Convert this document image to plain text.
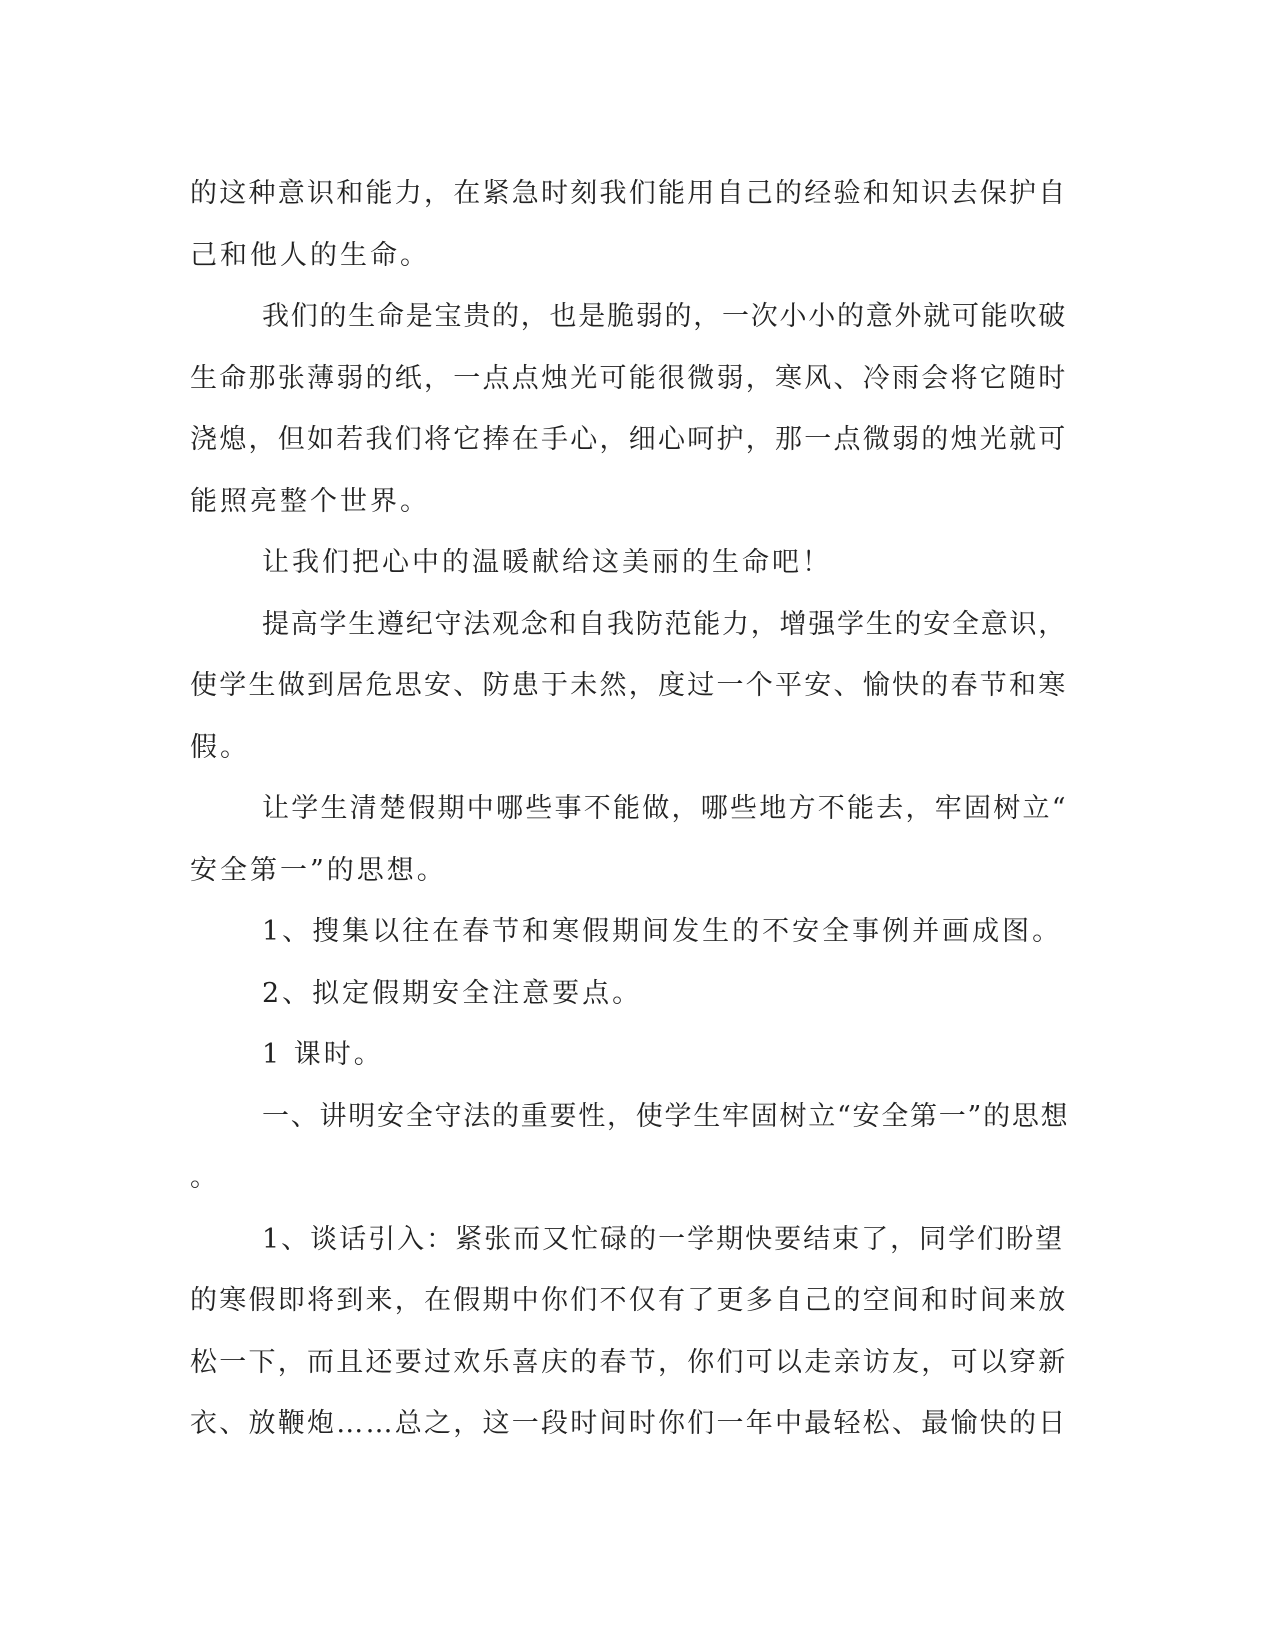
的这种意识和能力，在紧急时刻我们能用自己的经验和知识去保护自
己和他人的生命。
我们的生命是宝贵的，也是脆弱的，一次小小的意外就可能吹破
生命那张薄弱的纸，一点点烛光可能很微弱，寒风、冷雨会将它随时
浇熄，但如若我们将它捧在手心，细心呵护，那一点微弱的烛光就可
能照亮整个世界。
让我们把心中的温暖献给这美丽的生命吧！
提高学生遵纪守法观念和自我防范能力，增强学生的安全意识，
使学生做到居危思安、防患于未然，度过一个平安、愉快的春节和寒
假。
让学生清楚假期中哪些事不能做，哪些地方不能去，牢固树立“
安全第一”的思想。
1、搜集以往在春节和寒假期间发生的不安全事例并画成图。
2、拟定假期安全注意要点。
1 课时。
一、讲明安全守法的重要性，使学生牢固树立“安全第一”的思想
。
1、谈话引入：紧张而又忙碌的一学期快要结束了，同学们盼望
的寒假即将到来，在假期中你们不仅有了更多自己的空间和时间来放
松一下，而且还要过欢乐喜庆的春节，你们可以走亲访友，可以穿新
衣、放鞭炮……总之，这一段时间时你们一年中最轻松、最愉快的日
